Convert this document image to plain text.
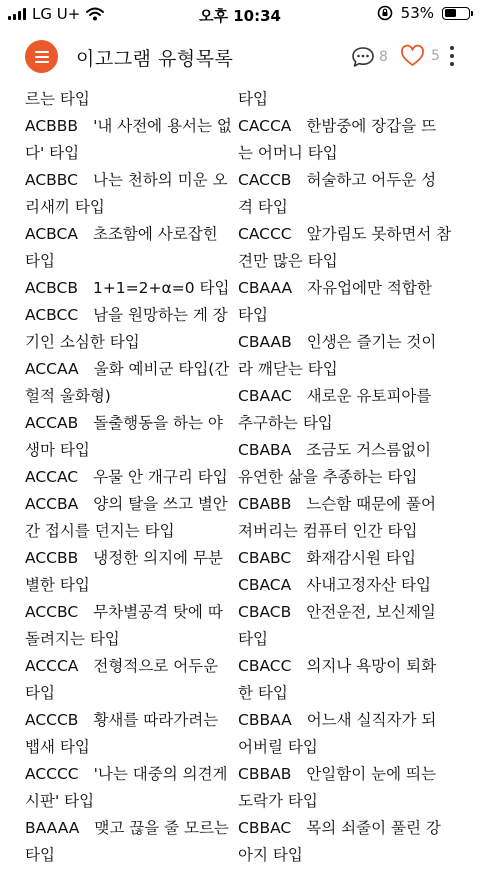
LG U+	오후 10:34	53%
이고그램 유형목록	8	5
르는 타입
ACBBB '내 사전에 용서는 없
다' 타입
ACBBC 나는 천하의 미운 오
리새끼 타입
ACBCA 초조함에 사로잡힌
타입
ACBCB 1+1=2+α=0 타입
ACBCC 남을 원망하는 게 장
기인 소심한 타입
ACCAA 울화 예비군 타입(간
헐적 울화형)
ACCAB 돌출행동을 하는 야
생마 타입
ACCAC 우물 안 개구리 타입
ACCBA 양의 탈을 쓰고 별안
간 접시를 던지는 타입
ACCBB 냉정한 의지에 무분
별한 타입
ACCBC 무차별공격 탓에 따
돌려지는 타입
ACCCA 전형적으로 어두운
타입
ACCCB 황새를 따라가려는
뱁새 타입
ACCCC '나는 대중의 의견게
시판' 타입
BAAAA 맺고 끊을 줄 모르는
타입
타입
CACCA 한밤중에 장갑을 뜨
는 어머니 타입
CACCB 허술하고 어두운 성
격 타입
CACCC 앞가림도 못하면서 참
견만 많은 타입
CBAAA 자유업에만 적합한
타입
CBAAB 인생은 즐기는 것이
라 깨닫는 타입
CBAAC 새로운 유토피아를
추구하는 타입
CBABA 조금도 거스름없이
유연한 삶을 추종하는 타입
CBABB 느슨함 때문에 풀어
져버리는 컴퓨터 인간 타입
CBABC 화재감시원 타입
CBACA 사내고정자산 타입
CBACB 안전운전, 보신제일
타입
CBACC 의지나 욕망이 퇴화
한 타입
CBBAA 어느새 실직자가 되
어버릴 타입
CBBAB 안일함이 눈에 띄는
도락가 타입
CBBAC 목의 쇠줄이 풀린 강
아지 타입
